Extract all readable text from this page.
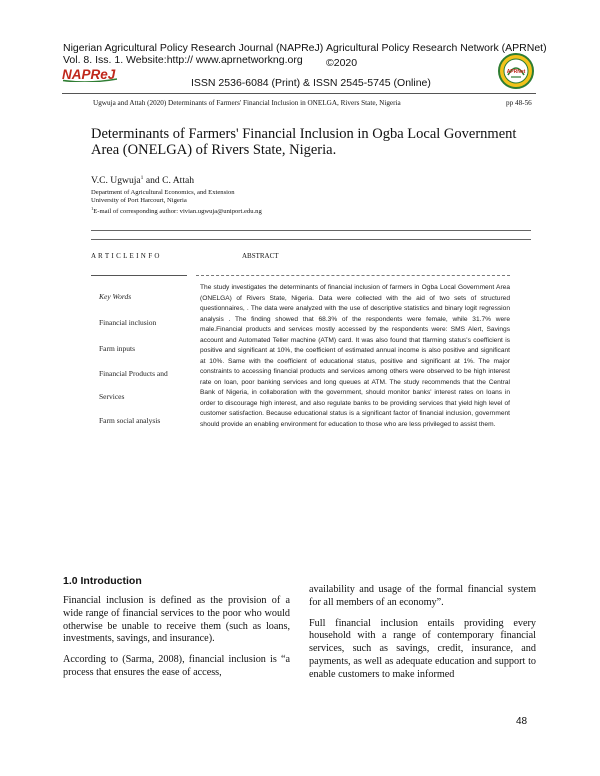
Nigerian Agricultural Policy Research Journal (NAPReJ)
Vol. 8. Iss. 1. Website:http:// www.aprnetworkng.org
Agricultural Policy Research Network (APRNet)
©2020
NAPReJ
ISSN 2536-6084 (Print) & ISSN 2545-5745 (Online)
APRNet
Ugwuja and Attah (2020) Determinants of Farmers' Financial Inclusion in ONELGA, Rivers State, Nigeria	pp 48-56
Determinants of Farmers' Financial Inclusion in Ogba Local Government Area (ONELGA) of Rivers State, Nigeria.
V.C. Ugwuja$^1$ and C. Attah
Department of Agricultural Economics, and Extension
University of Port Harcourt, Nigeria
$^1$E-mail of corresponding author: vivian.ugwuja@uniport.edu.ng
A R T I C L E I N F O	ABSTRACT
Key Words
Financial inclusion
Farm inputs
Financial Products and
Services
Farm social analysis
The study investigates the determinants of financial inclusion of farmers in Ogba Local Government Area (ONELGA) of Rivers State, Nigeria. Data were collected with the aid of two sets of structured questionnaires, . The data were analyzed with the use of descriptive statistics and binary logit regression analysis . The finding showed that 68.3% of the respondents were female, while 31.7% were male.Financial products and services mostly accessed by the respondents were: SMS Alert, Savings account and Automated Teller machine (ATM) card. It was also found that tfarming status's coefficient is positive and significant at 10%, the coefficient of estimated annual income is also positive and significant at 10%. Same with the coefficient of educational status, positive and significant at 1%. The major constraints to accessing financial products and services among others were observed to be high interest rate on loan, poor banking services and long queues at ATM. The study recommends that the Central Bank of Nigeria, in collaboration with the government, should monitor banks' interest rates on loans in order to discourage high interest, and also regulate banks to be providing services that yield high level of customer satisfaction. Because educational status is a significant factor of financial inclusion, government should provide an enabling environment for education to those who are less privileged to assist them.
1.0 Introduction

Financial inclusion is defined as the provision of a wide range of financial services to the poor who would otherwise be unable to receive them (such as loans, investments, savings, and insurance).

According to (Sarma, 2008), financial inclusion is “a process that ensures the ease of access,

availability and usage of the formal financial system for all members of an economy”.

Full financial inclusion entails providing every household with a range of contemporary financial services, such as savings, credit, insurance, and payments, as well as adequate education and support to enable customers to make informed

48
